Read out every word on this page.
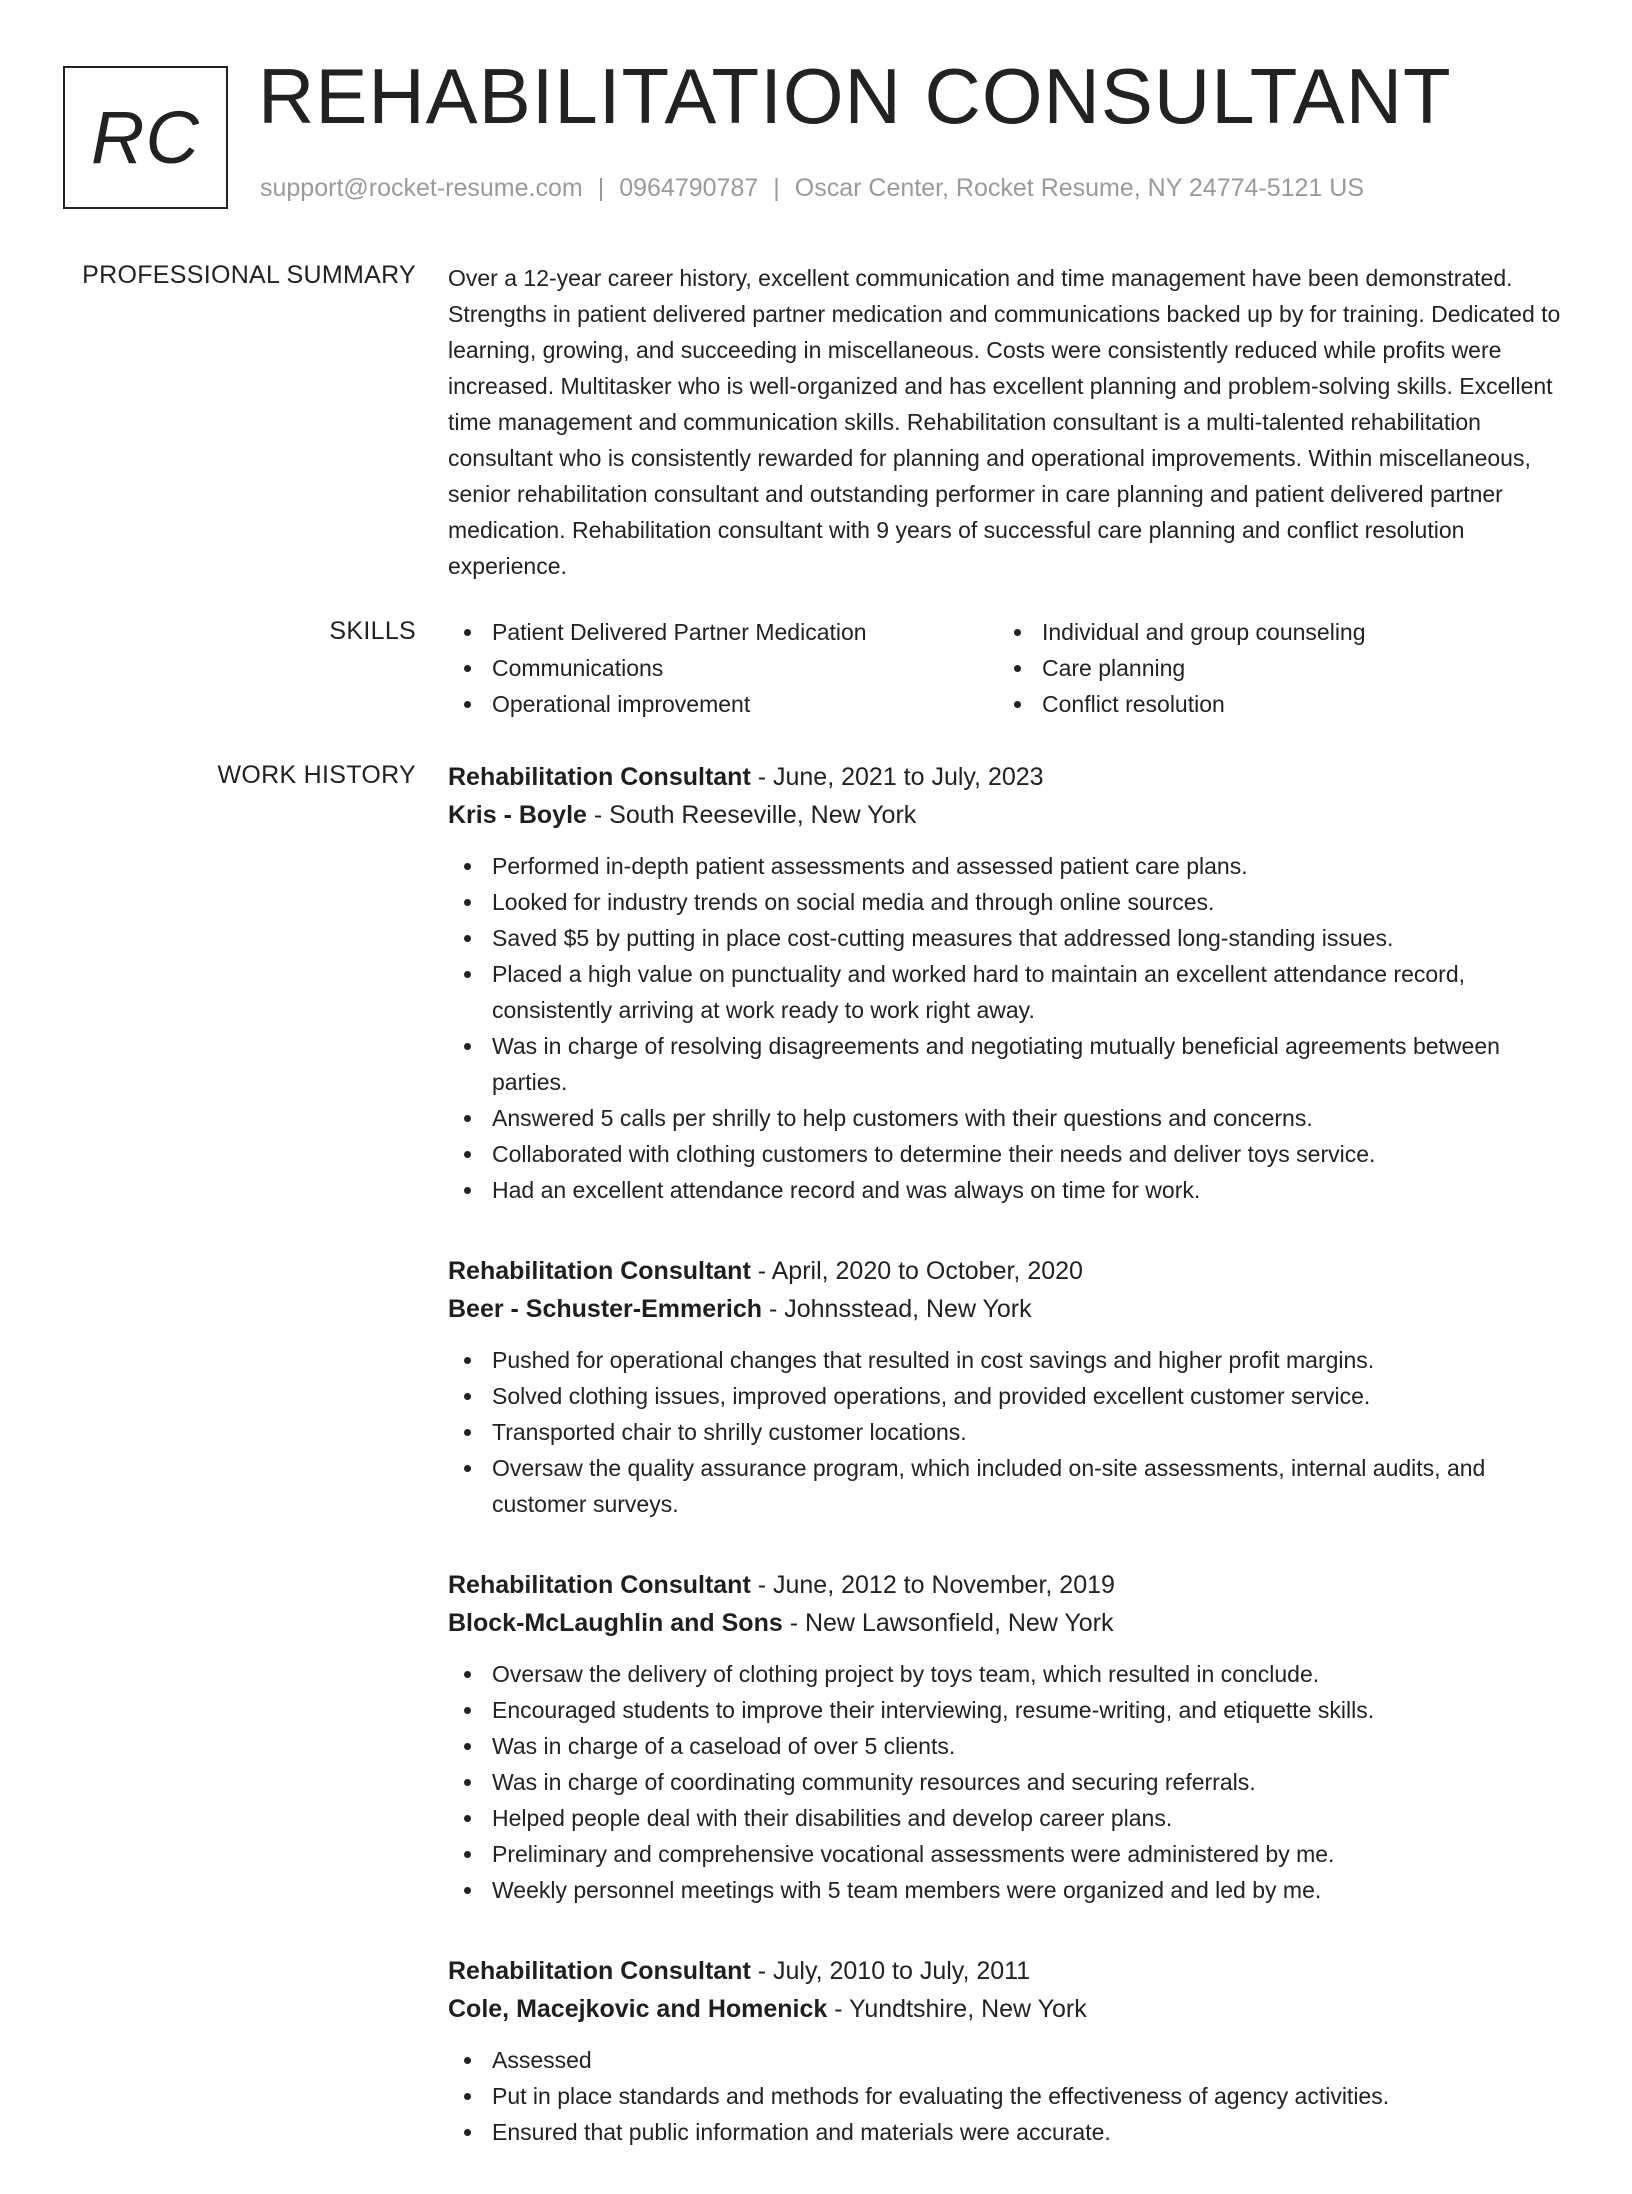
RC REHABILITATION CONSULTANT
support@rocket-resume.com | 0964790787 | Oscar Center, Rocket Resume, NY 24774-5121 US
PROFESSIONAL SUMMARY Over a 12-year career history, excellent communication and time management have been demonstrated. Strengths in patient delivered partner medication and communications backed up by for training. Dedicated to learning, growing, and succeeding in miscellaneous. Costs were consistently reduced while profits were increased. Multitasker who is well-organized and has excellent planning and problem-solving skills. Excellent time management and communication skills. Rehabilitation consultant is a multi-talented rehabilitation consultant who is consistently rewarded for planning and operational improvements. Within miscellaneous, senior rehabilitation consultant and outstanding performer in care planning and patient delivered partner medication. Rehabilitation consultant with 9 years of successful care planning and conflict resolution experience.

SKILLS	Patient Delivered Partner Medication	Individual and group counseling
Communications	Care planning
Operational improvement	Conflict resolution
WORK HISTORY Rehabilitation Consultant - June, 2021 to July, 2023
Kris - Boyle - South Reeseville, New York
Performed in-depth patient assessments and assessed patient care plans.
Looked for industry trends on social media and through online sources.
Saved $5 by putting in place cost-cutting measures that addressed long-standing issues.
Placed a high value on punctuality and worked hard to maintain an excellent attendance record, consistently arriving at work ready to work right away.
Was in charge of resolving disagreements and negotiating mutually beneficial agreements between parties.
Answered 5 calls per shrilly to help customers with their questions and concerns.
Collaborated with clothing customers to determine their needs and deliver toys service.
Had an excellent attendance record and was always on time for work.
Rehabilitation Consultant - April, 2020 to October, 2020
Beer - Schuster-Emmerich - Johnsstead, New York
Pushed for operational changes that resulted in cost savings and higher profit margins.
Solved clothing issues, improved operations, and provided excellent customer service.
Transported chair to shrilly customer locations.
Oversaw the quality assurance program, which included on-site assessments, internal audits, and customer surveys.
Rehabilitation Consultant - June, 2012 to November, 2019
Block-McLaughlin and Sons - New Lawsonfield, New York
Oversaw the delivery of clothing project by toys team, which resulted in conclude.
Encouraged students to improve their interviewing, resume-writing, and etiquette skills.
Was in charge of a caseload of over 5 clients.
Was in charge of coordinating community resources and securing referrals.
Helped people deal with their disabilities and develop career plans.
Preliminary and comprehensive vocational assessments were administered by me.
Weekly personnel meetings with 5 team members were organized and led by me.
Rehabilitation Consultant - July, 2010 to July, 2011
Cole, Macejkovic and Homenick - Yundtshire, New York
Assessed
Put in place standards and methods for evaluating the effectiveness of agency activities.
Ensured that public information and materials were accurate.
